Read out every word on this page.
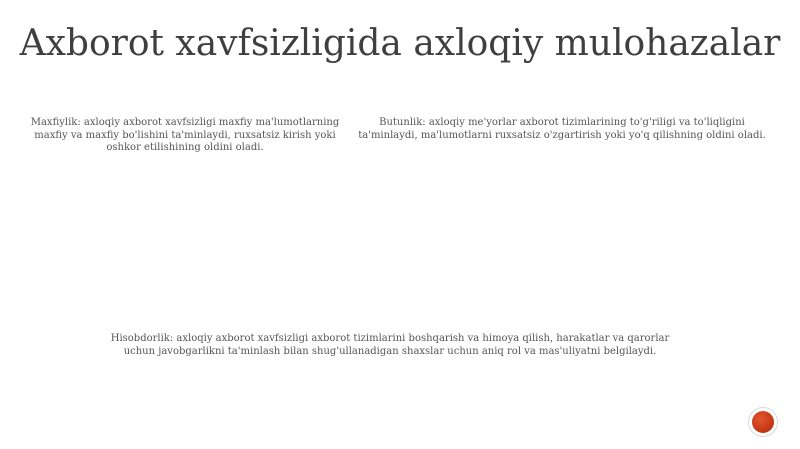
Axborot xavfsizligida axloqiy mulohazalar
Maxfiylik: axloqiy axborot xavfsizligi maxfiy ma'lumotlarning maxfiy va maxfiy bo'lishini ta'minlaydi, ruxsatsiz kirish yoki oshkor etilishining oldini oladi.
Butunlik: axloqiy me'yorlar axborot tizimlarining to'g'riligi va to'liqligini ta'minlaydi, ma'lumotlarni ruxsatsiz o'zgartirish yoki yo'q qilishning oldini oladi.
Hisobdorlik: axloqiy axborot xavfsizligi axborot tizimlarini boshqarish va himoya qilish, harakatlar va qarorlar uchun javobgarlikni ta'minlash bilan shug'ullanadigan shaxslar uchun aniq rol va mas'uliyatni belgilaydi.
